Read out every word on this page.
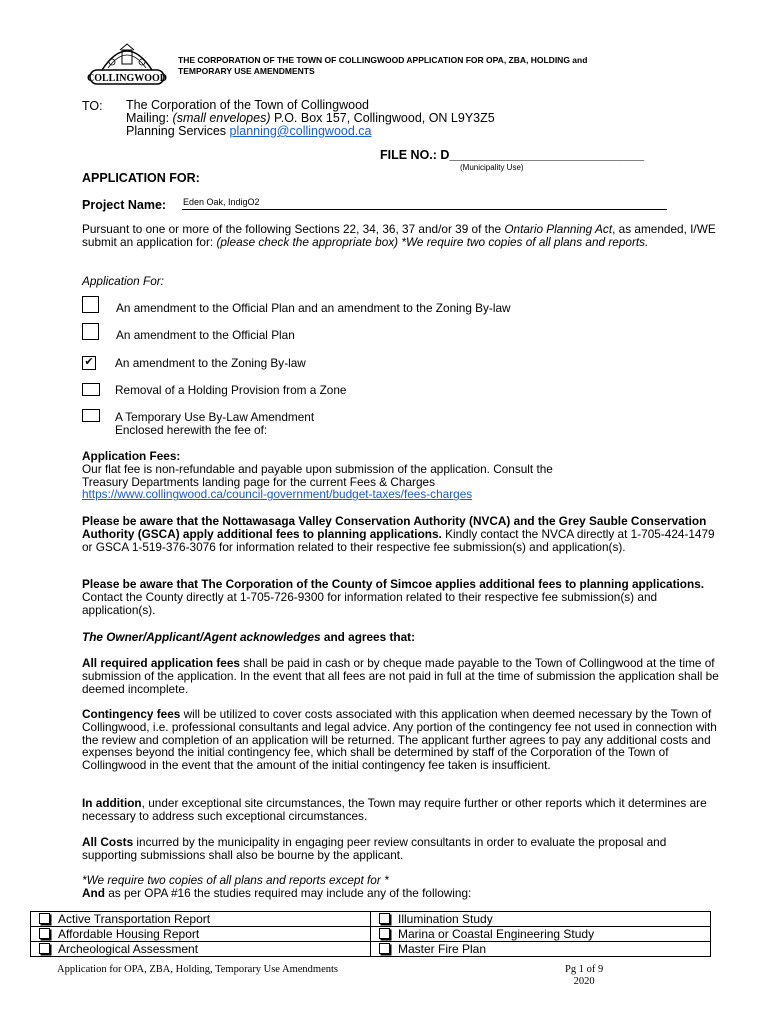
COLLINGWOOD
THE CORPORATION OF THE TOWN OF COLLINGWOOD APPLICATION FOR OPA, ZBA, HOLDING and
TEMPORARY USE AMENDMENTS
TO: The Corporation of the Town of Collingwood
Mailing: (small envelopes) P.O. Box 157, Collingwood, ON L9Y3Z5
Planning Services planning@collingwood.ca
FILE NO.: D____________________________
(Municipality Use)
APPLICATION FOR:
Project Name: Eden Oak, IndigO2
Pursuant to one or more of the following Sections 22, 34, 36, 37 and/or 39 of the Ontario Planning Act, as amended, I/WE submit an application for: (please check the appropriate box) *We require two copies of all plans and reports.
Application For:
An amendment to the Official Plan and an amendment to the Zoning By-law
An amendment to the Official Plan
✔ An amendment to the Zoning By-law
Removal of a Holding Provision from a Zone
A Temporary Use By-Law Amendment
Enclosed herewith the fee of:
Application Fees:
Our flat fee is non-refundable and payable upon submission of the application. Consult the
Treasury Departments landing page for the current Fees & Charges
https://www.collingwood.ca/council-government/budget-taxes/fees-charges
Please be aware that the Nottawasaga Valley Conservation Authority (NVCA) and the Grey Sauble Conservation Authority (GSCA) apply additional fees to planning applications. Kindly contact the NVCA directly at 1-705-424-1479 or GSCA 1-519-376-3076 for information related to their respective fee submission(s) and application(s).
Please be aware that The Corporation of the County of Simcoe applies additional fees to planning applications. Contact the County directly at 1-705-726-9300 for information related to their respective fee submission(s) and application(s).
The Owner/Applicant/Agent acknowledges and agrees that:
All required application fees shall be paid in cash or by cheque made payable to the Town of Collingwood at the time of submission of the application. In the event that all fees are not paid in full at the time of submission the application shall be deemed incomplete.
Contingency fees will be utilized to cover costs associated with this application when deemed necessary by the Town of Collingwood, i.e. professional consultants and legal advice. Any portion of the contingency fee not used in connection with the review and completion of an application will be returned. The applicant further agrees to pay any additional costs and expenses beyond the initial contingency fee, which shall be determined by staff of the Corporation of the Town of Collingwood in the event that the amount of the initial contingency fee taken is insufficient.
In addition, under exceptional site circumstances, the Town may require further or other reports which it determines are necessary to address such exceptional circumstances.
All Costs incurred by the municipality in engaging peer review consultants in order to evaluate the proposal and supporting submissions shall also be bourne by the applicant.
*We require two copies of all plans and reports except for *
And as per OPA #16 the studies required may include any of the following:
Active Transportation Report	Illumination Study
Affordable Housing Report	Marina or Coastal Engineering Study
Archeological Assessment	Master Fire Plan
Application for OPA, ZBA, Holding, Temporary Use Amendments	Pg 1 of 9
2020
